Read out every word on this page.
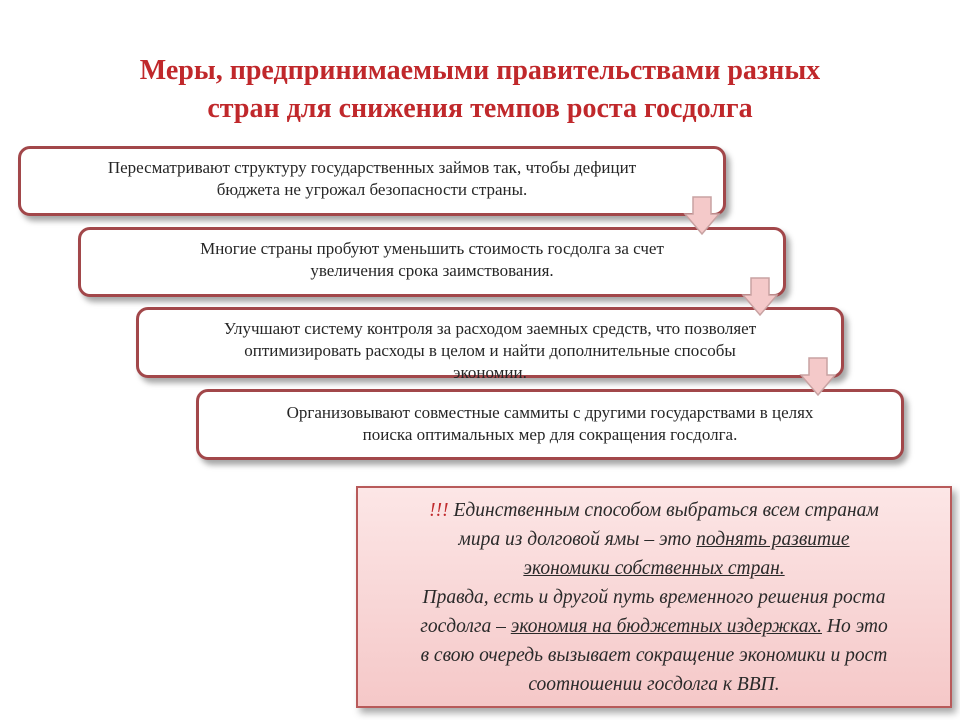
Меры, предпринимаемыми правительствами разных
стран для снижения темпов роста госдолга
Пересматривают структуру государственных займов так, чтобы дефицит
бюджета не угрожал безопасности страны.
Многие страны пробуют уменьшить стоимость госдолга за счет
увеличения срока заимствования.
Улучшают систему контроля за расходом заемных средств, что позволяет
оптимизировать расходы в целом и найти дополнительные способы
экономии.
Организовывают совместные саммиты с другими государствами в целях
поиска оптимальных мер для сокращения госдолга.
!!! Единственным способом выбраться всем странам
мира из долговой ямы – это поднять развитие
экономики собственных стран.
Правда, есть и другой путь временного решения роста
госдолга – экономия на бюджетных издержках. Но это
в свою очередь вызывает сокращение экономики и рост
соотношении госдолга к ВВП.
